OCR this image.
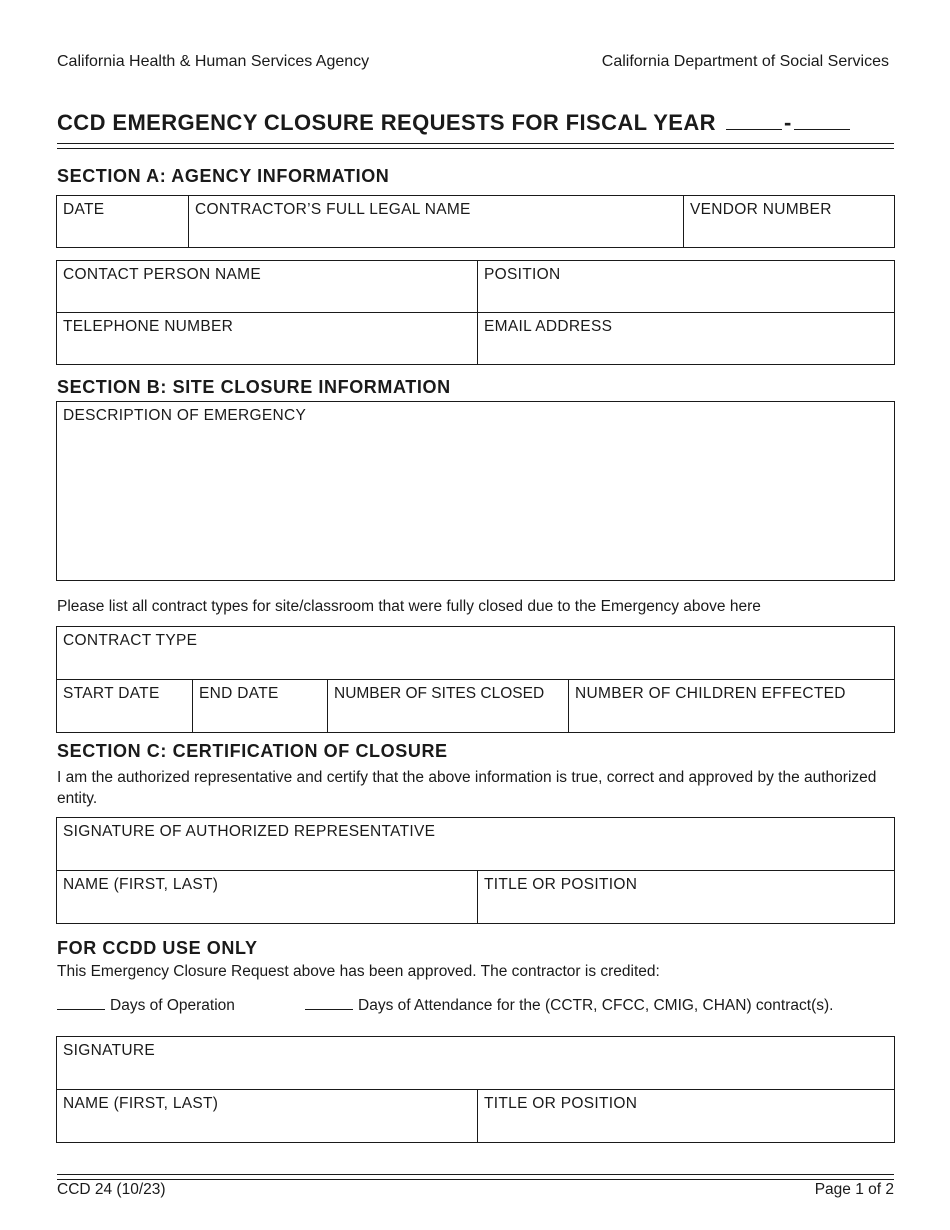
California Health & Human Services Agency	California Department of Social Services
CCD EMERGENCY CLOSURE REQUESTS FOR FISCAL YEAR	-
SECTION A: AGENCY INFORMATION
DATE	CONTRACTOR’S FULL LEGAL NAME	VENDOR NUMBER
CONTACT PERSON NAME	POSITION
TELEPHONE NUMBER	EMAIL ADDRESS
SECTION B: SITE CLOSURE INFORMATION
DESCRIPTION OF EMERGENCY
Please list all contract types for site/classroom that were fully closed due to the Emergency above here
CONTRACT TYPE
START DATE	END DATE	NUMBER OF SITES CLOSED	NUMBER OF CHILDREN EFFECTED
SECTION C: CERTIFICATION OF CLOSURE
I am the authorized representative and certify that the above information is true, correct and approved by the authorized entity.
SIGNATURE OF AUTHORIZED REPRESENTATIVE
NAME (FIRST, LAST)	TITLE OR POSITION
FOR CCDD USE ONLY
This Emergency Closure Request above has been approved. The contractor is credited:
Days of Operation	Days of Attendance for the (CCTR, CFCC, CMIG, CHAN) contract(s).
SIGNATURE
NAME (FIRST, LAST)	TITLE OR POSITION
CCD 24 (10/23)	Page 1 of 2
